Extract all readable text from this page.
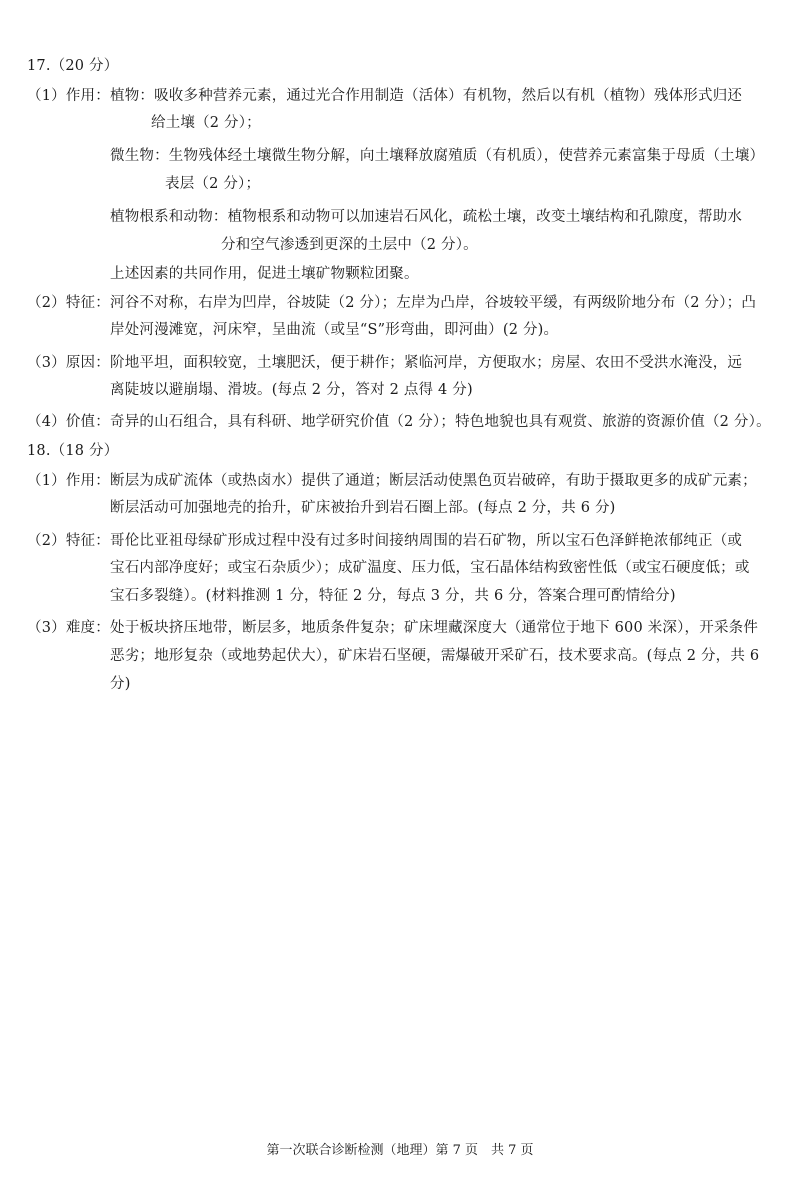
17.（20 分）
（1）作用： 植物：吸收多种营养元素，通过光合作用制造（活体）有机物，然后以有机（植物）残体形式归还
给土壤（2 分）；
微生物：生物残体经土壤微生物分解，向土壤释放腐殖质（有机质），使营养元素富集于母质（土壤）
表层（2 分）；
植物根系和动物：植物根系和动物可以加速岩石风化，疏松土壤，改变土壤结构和孔隙度，帮助水
分和空气渗透到更深的土层中（2 分）。
上述因素的共同作用，促进土壤矿物颗粒团聚。
（2）特征： 河谷不对称，右岸为凹岸，谷坡陡（2 分）；左岸为凸岸，谷坡较平缓，有两级阶地分布（2 分）；凸
岸处河漫滩宽，河床窄，呈曲流（或呈“S”形弯曲，即河曲）(2 分)。
（3）原因： 阶地平坦，面积较宽，土壤肥沃，便于耕作；紧临河岸，方便取水；房屋、农田不受洪水淹没，远
离陡坡以避崩塌、滑坡。(每点 2 分，答对 2 点得 4 分)
（4）价值： 奇异的山石组合，具有科研、地学研究价值（2 分）；特色地貌也具有观赏、旅游的资源价值（2 分）。
18.（18 分）
（1）作用： 断层为成矿流体（或热卤水）提供了通道；断层活动使黑色页岩破碎，有助于摄取更多的成矿元素；
断层活动可加强地壳的抬升，矿床被抬升到岩石圈上部。(每点 2 分，共 6 分)
（2）特征： 哥伦比亚祖母绿矿形成过程中没有过多时间接纳周围的岩石矿物，所以宝石色泽鲜艳浓郁纯正（或
宝石内部净度好；或宝石杂质少）；成矿温度、压力低，宝石晶体结构致密性低（或宝石硬度低；或
宝石多裂缝）。(材料推测 1 分，特征 2 分，每点 3 分，共 6 分，答案合理可酌情给分)
（3）难度： 处于板块挤压地带，断层多，地质条件复杂；矿床埋藏深度大（通常位于地下 600 米深），开采条件
恶劣；地形复杂（或地势起伏大），矿床岩石坚硬，需爆破开采矿石，技术要求高。(每点 2 分，共 6
分)
第一次联合诊断检测（地理）第 7 页　共 7 页
